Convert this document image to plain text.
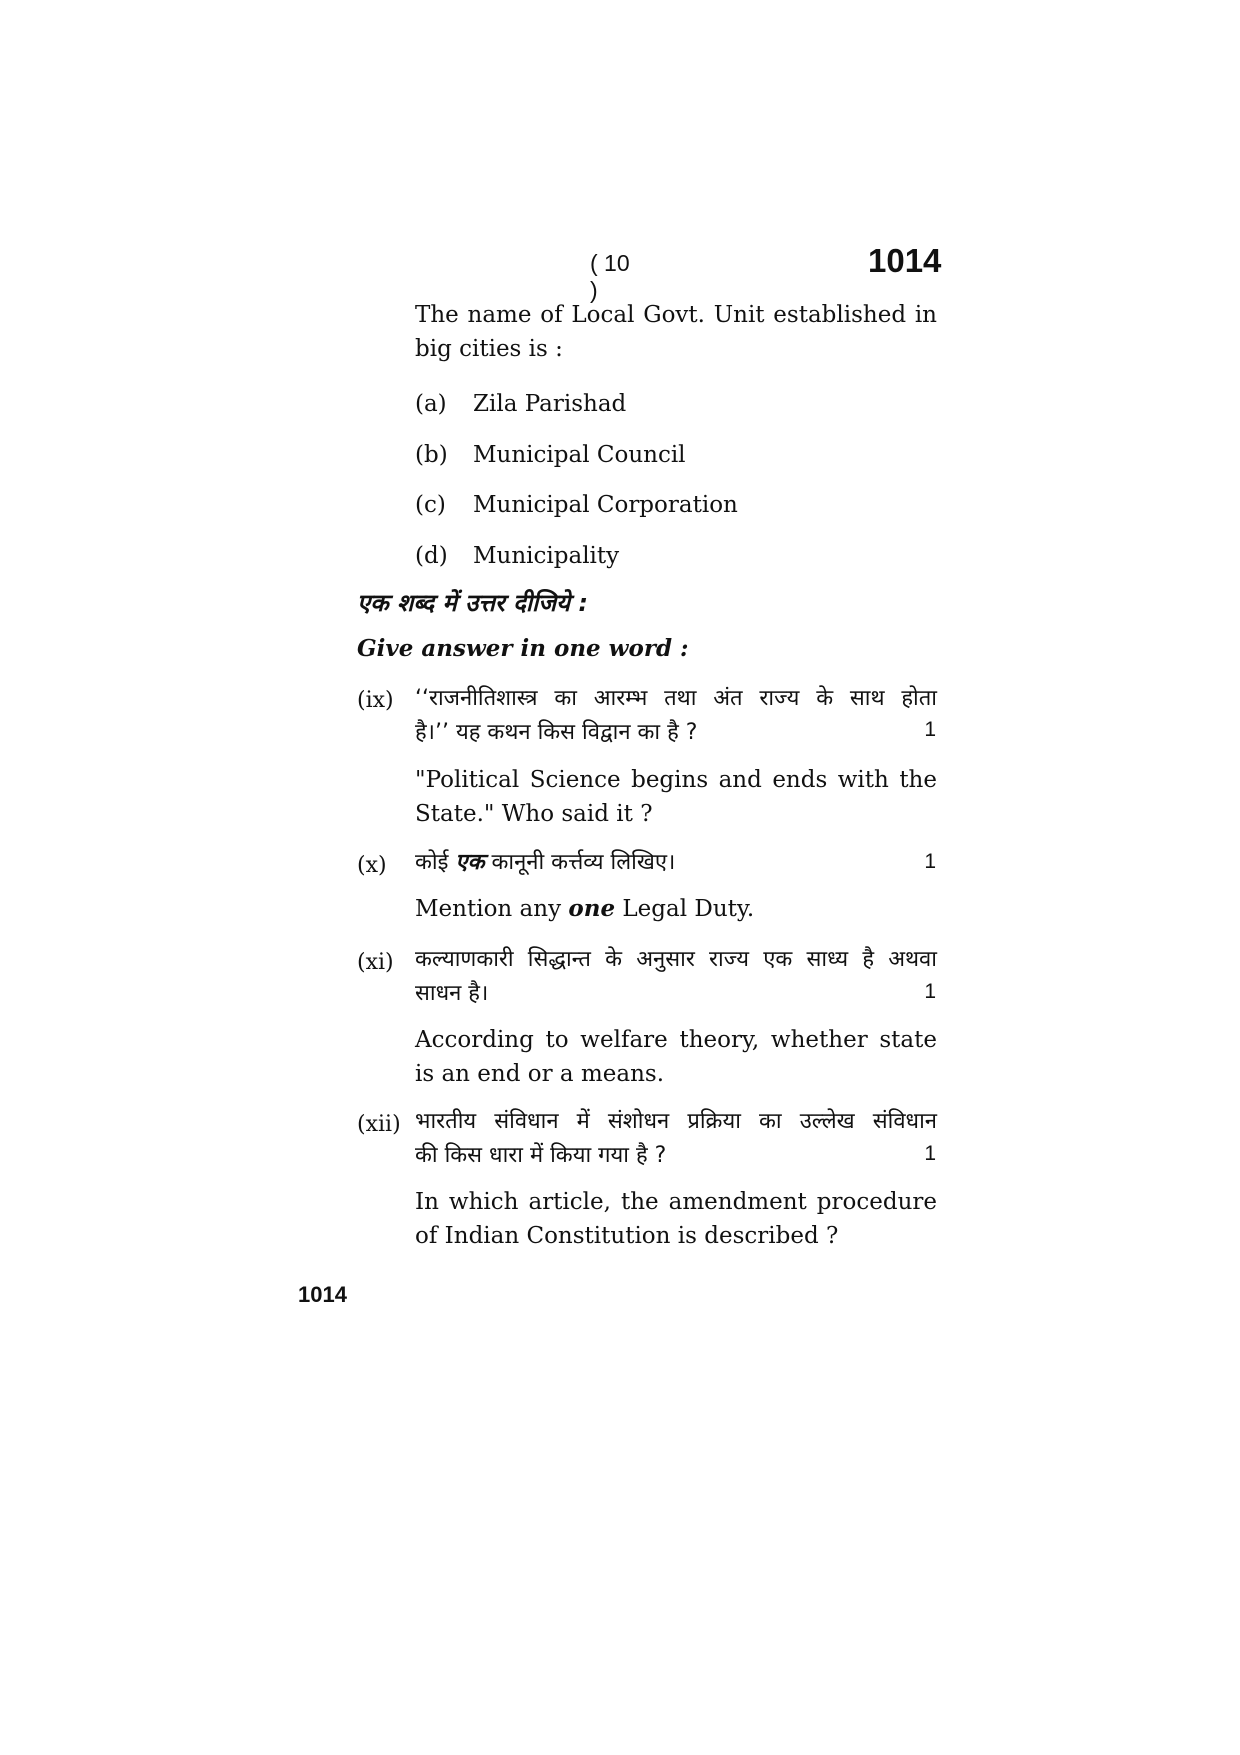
( 10 )
1014
The name of Local Govt. Unit established in big cities is :
(a) Zila Parishad
(b) Municipal Council
(c) Municipal Corporation
(d) Municipality
एक शब्द में उत्तर दीजिये :
Give answer in one word :
(ix) ‘‘राजनीतिशास्त्र का आरम्भ तथा अंत राज्य के साथ होता
है।’’ यह कथन किस विद्वान का है ?	1
"Political Science begins and ends with the State." Who said it ?
(x) कोई एक कानूनी कर्त्तव्य लिखिए।	1
Mention any one Legal Duty.
(xi) कल्याणकारी सिद्धान्त के अनुसार राज्य एक साध्य है अथवा
साधन है।	1
According to welfare theory, whether state is an end or a means.
(xii) भारतीय संविधान में संशोधन प्रक्रिया का उल्लेख संविधान
की किस धारा में किया गया है ?	1
In which article, the amendment procedure of Indian Constitution is described ?
1014
